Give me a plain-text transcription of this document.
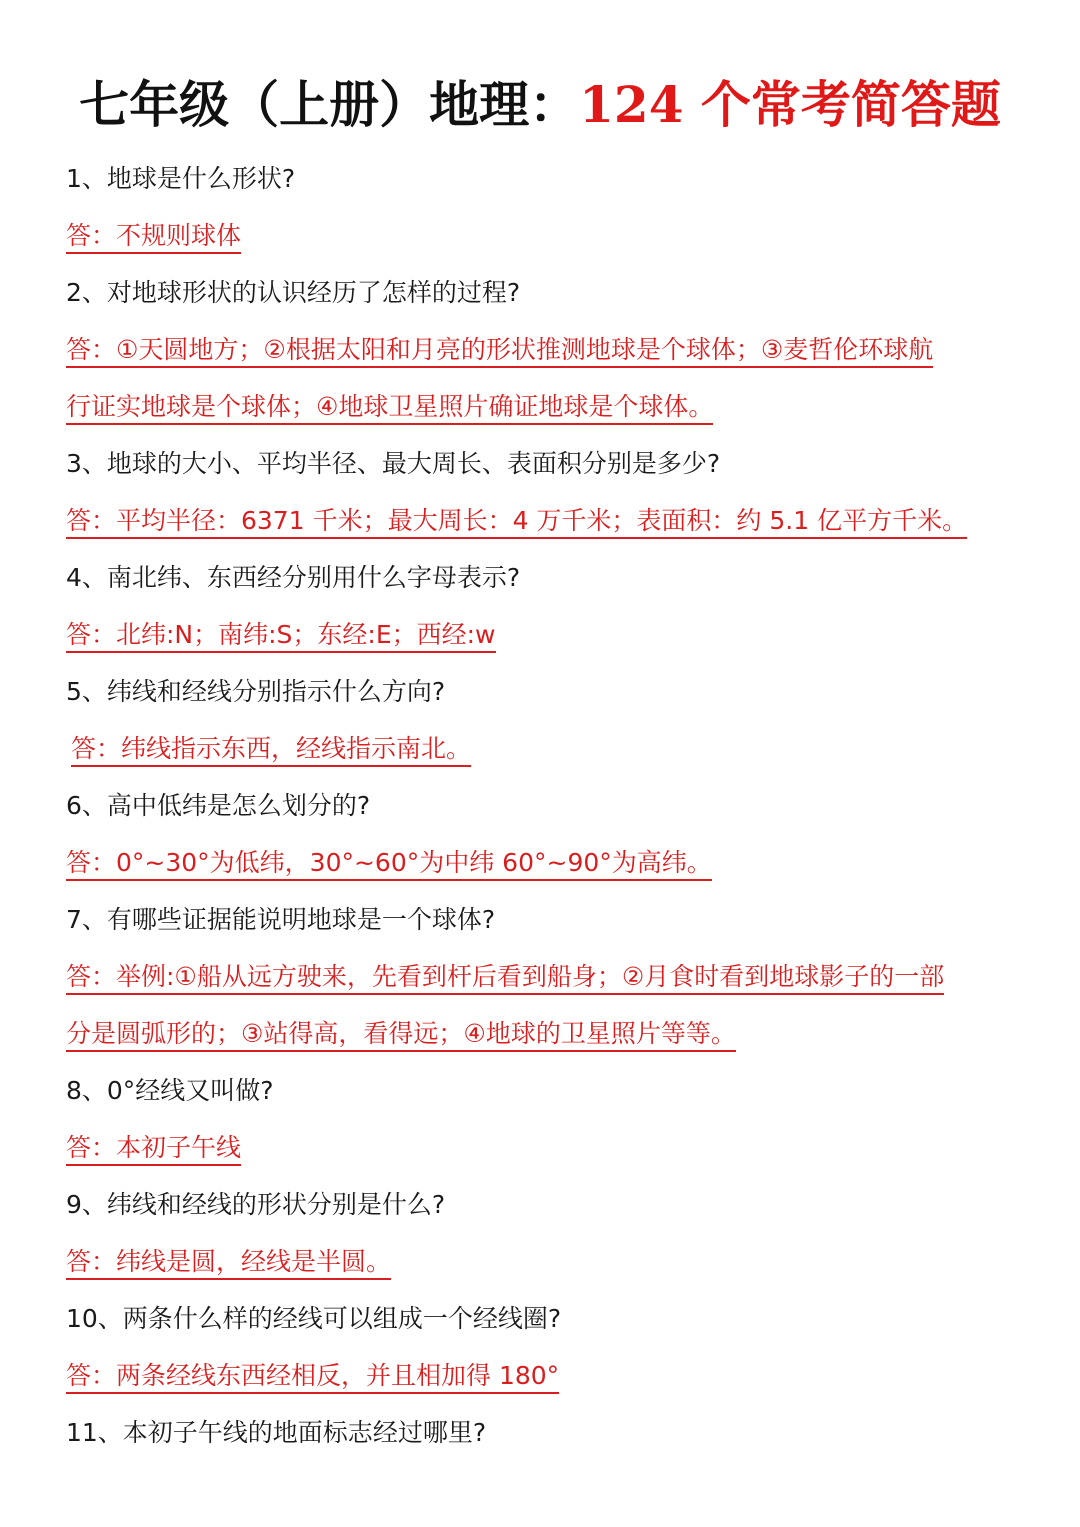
七年级（上册）地理：124 个常考简答题
1、地球是什么形状?
答：不规则球体
2、对地球形状的认识经历了怎样的过程?
答：①天圆地方；②根据太阳和月亮的形状推测地球是个球体；③麦哲伦环球航
行证实地球是个球体；④地球卫星照片确证地球是个球体。
3、地球的大小、平均半径、最大周长、表面积分别是多少?
答：平均半径：6371 千米；最大周长：4 万千米；表面积：约 5.1 亿平方千米。
4、南北纬、东西经分别用什么字母表示?
答：北纬:N；南纬:S；东经:E；西经:w
5、纬线和经线分别指示什么方向?
答：纬线指示东西，经线指示南北。
6、高中低纬是怎么划分的?
答：0°~30°为低纬，30°~60°为中纬 60°~90°为高纬。
7、有哪些证据能说明地球是一个球体?
答：举例:①船从远方驶来，先看到杆后看到船身；②月食时看到地球影子的一部
分是圆弧形的；③站得高，看得远；④地球的卫星照片等等。
8、0°经线又叫做?
答：本初子午线
9、纬线和经线的形状分别是什么?
答：纬线是圆，经线是半圆。
10、两条什么样的经线可以组成一个经线圈?
答：两条经线东西经相反，并且相加得 180°
11、本初子午线的地面标志经过哪里?
